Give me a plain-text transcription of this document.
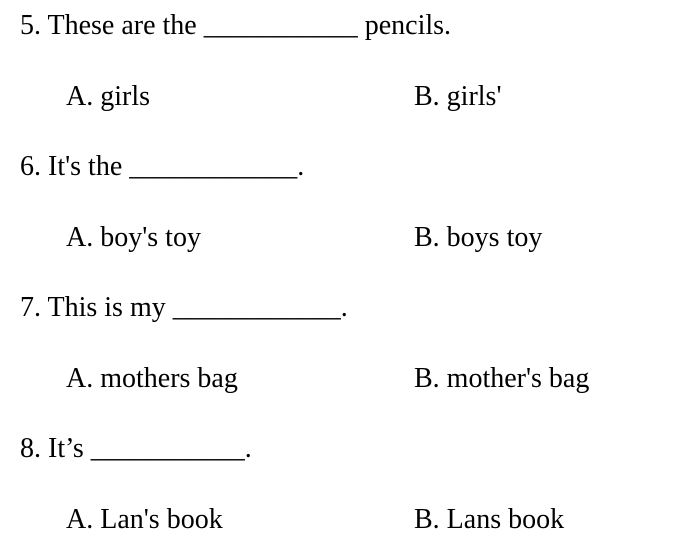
5. These are the ___________ pencils.
A. girls	B. girls'
6. It's the ____________.
A. boy's toy	B. boys toy
7. This is my ____________.
A. mothers bag	B. mother's bag
8. It’s ___________.
A. Lan's book	B. Lans book
